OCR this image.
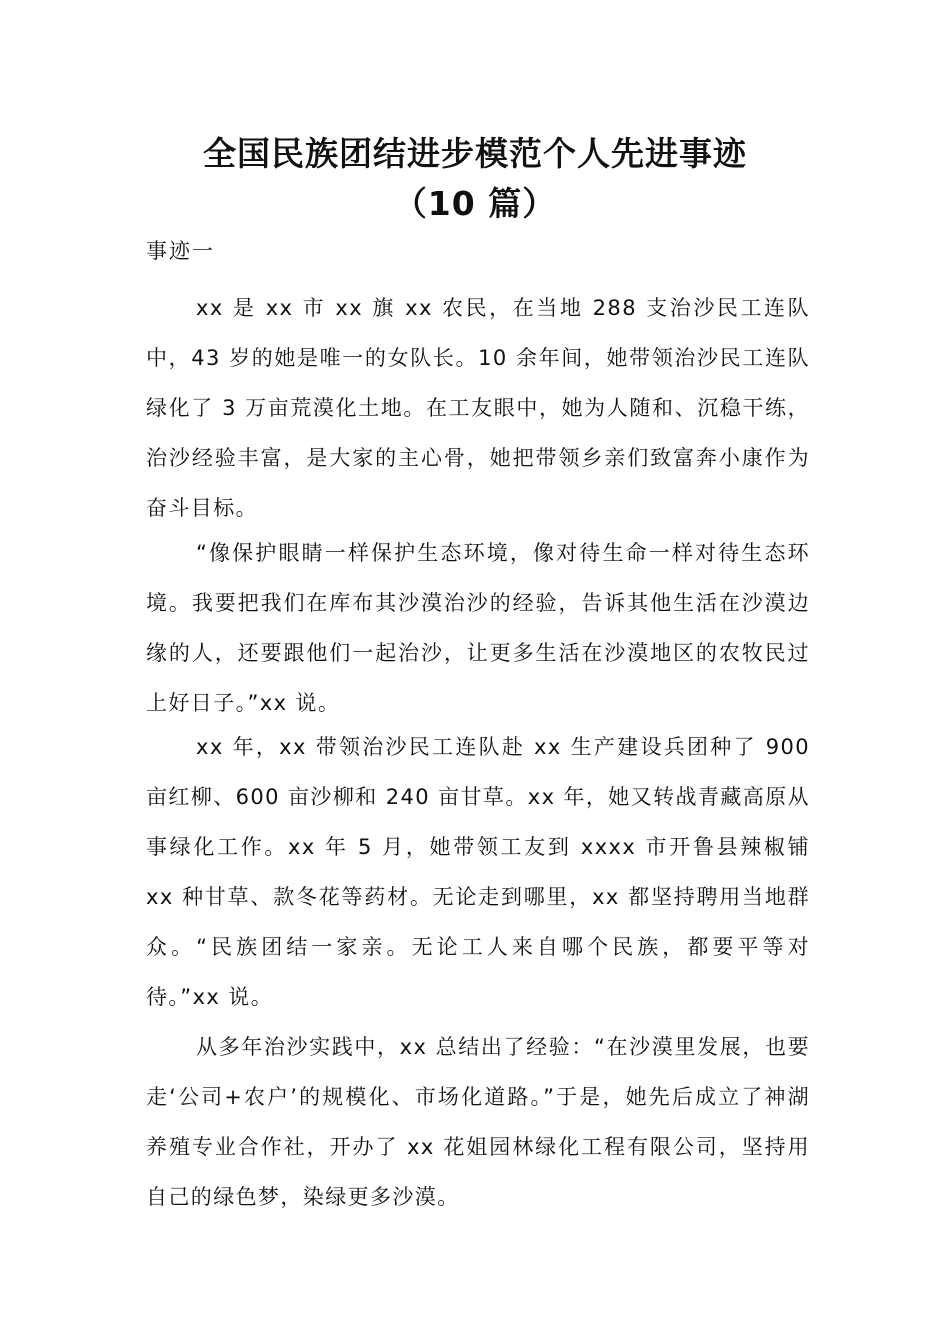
全国民族团结进步模范个人先进事迹
（10 篇）
事迹一

xx 是 xx 市 xx 旗 xx 农民，在当地 288 支治沙民工连队中，43 岁的她是唯一的女队长。10 余年间，她带领治沙民工连队绿化了 3 万亩荒漠化土地。在工友眼中，她为人随和、沉稳干练，治沙经验丰富，是大家的主心骨，她把带领乡亲们致富奔小康作为奋斗目标。

“像保护眼睛一样保护生态环境，像对待生命一样对待生态环境。我要把我们在库布其沙漠治沙的经验，告诉其他生活在沙漠边缘的人，还要跟他们一起治沙，让更多生活在沙漠地区的农牧民过上好日子。”xx 说。

xx 年，xx 带领治沙民工连队赴 xx 生产建设兵团种了 900 亩红柳、600 亩沙柳和 240 亩甘草。xx 年，她又转战青藏高原从事绿化工作。xx 年 5 月，她带领工友到 xxxx 市开鲁县辣椒铺 xx 种甘草、款冬花等药材。无论走到哪里，xx 都坚持聘用当地群众。“民族团结一家亲。无论工人来自哪个民族，都要平等对待。”xx 说。

从多年治沙实践中，xx 总结出了经验：“在沙漠里发展，也要走‘公司+农户’的规模化、市场化道路。”于是，她先后成立了神湖养殖专业合作社，开办了 xx 花姐园林绿化工程有限公司，坚持用自己的绿色梦，染绿更多沙漠。
